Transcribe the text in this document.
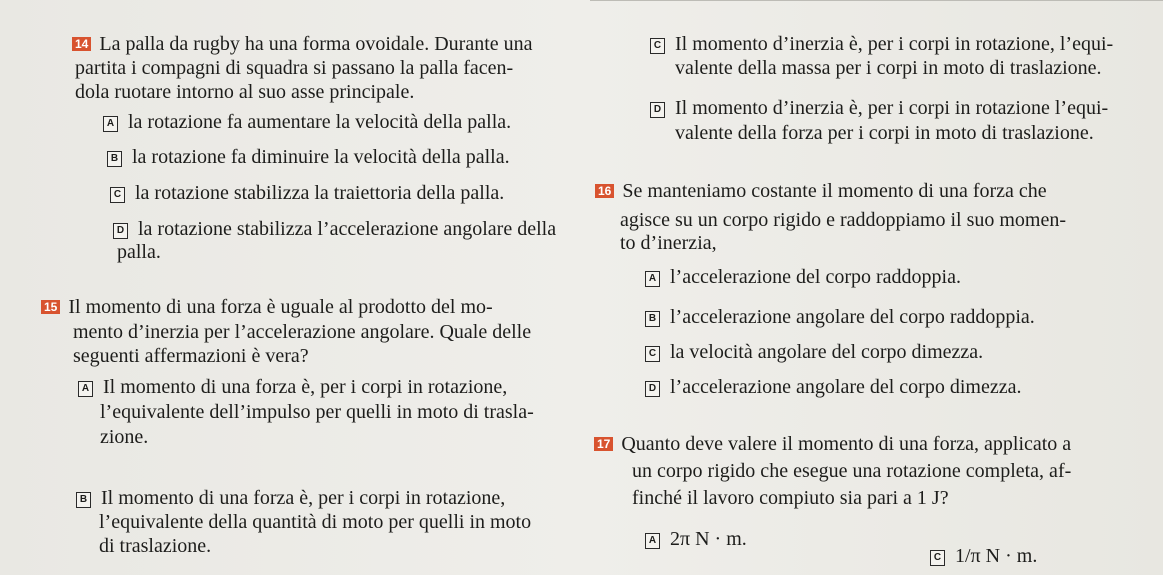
14 La palla da rugby ha una forma ovoidale. Durante una
partita i compagni di squadra si passano la palla facen-
dola ruotare intorno al suo asse principale.
A la rotazione fa aumentare la velocità della palla.
B la rotazione fa diminuire la velocità della palla.
C la rotazione stabilizza la traiettoria della palla.
D la rotazione stabilizza l’accelerazione angolare della
palla.
15 Il momento di una forza è uguale al prodotto del mo-
mento d’inerzia per l’accelerazione angolare. Quale delle
seguenti affermazioni è vera?
A Il momento di una forza è, per i corpi in rotazione,
l’equivalente dell’impulso per quelli in moto di trasla-
zione.
B Il momento di una forza è, per i corpi in rotazione,
l’equivalente della quantità di moto per quelli in moto
di traslazione.
C Il momento d’inerzia è, per i corpi in rotazione, l’equi-
valente della massa per i corpi in moto di traslazione.
D Il momento d’inerzia è, per i corpi in rotazione l’equi-
valente della forza per i corpi in moto di traslazione.
16 Se manteniamo costante il momento di una forza che
agisce su un corpo rigido e raddoppiamo il suo momen-
to d’inerzia,
A l’accelerazione del corpo raddoppia.
B l’accelerazione angolare del corpo raddoppia.
C la velocità angolare del corpo dimezza.
D l’accelerazione angolare del corpo dimezza.
17 Quanto deve valere il momento di una forza, applicato a
un corpo rigido che esegue una rotazione completa, af-
finché il lavoro compiuto sia pari a 1 J?
A 2π N · m.
C 1/π N · m.
